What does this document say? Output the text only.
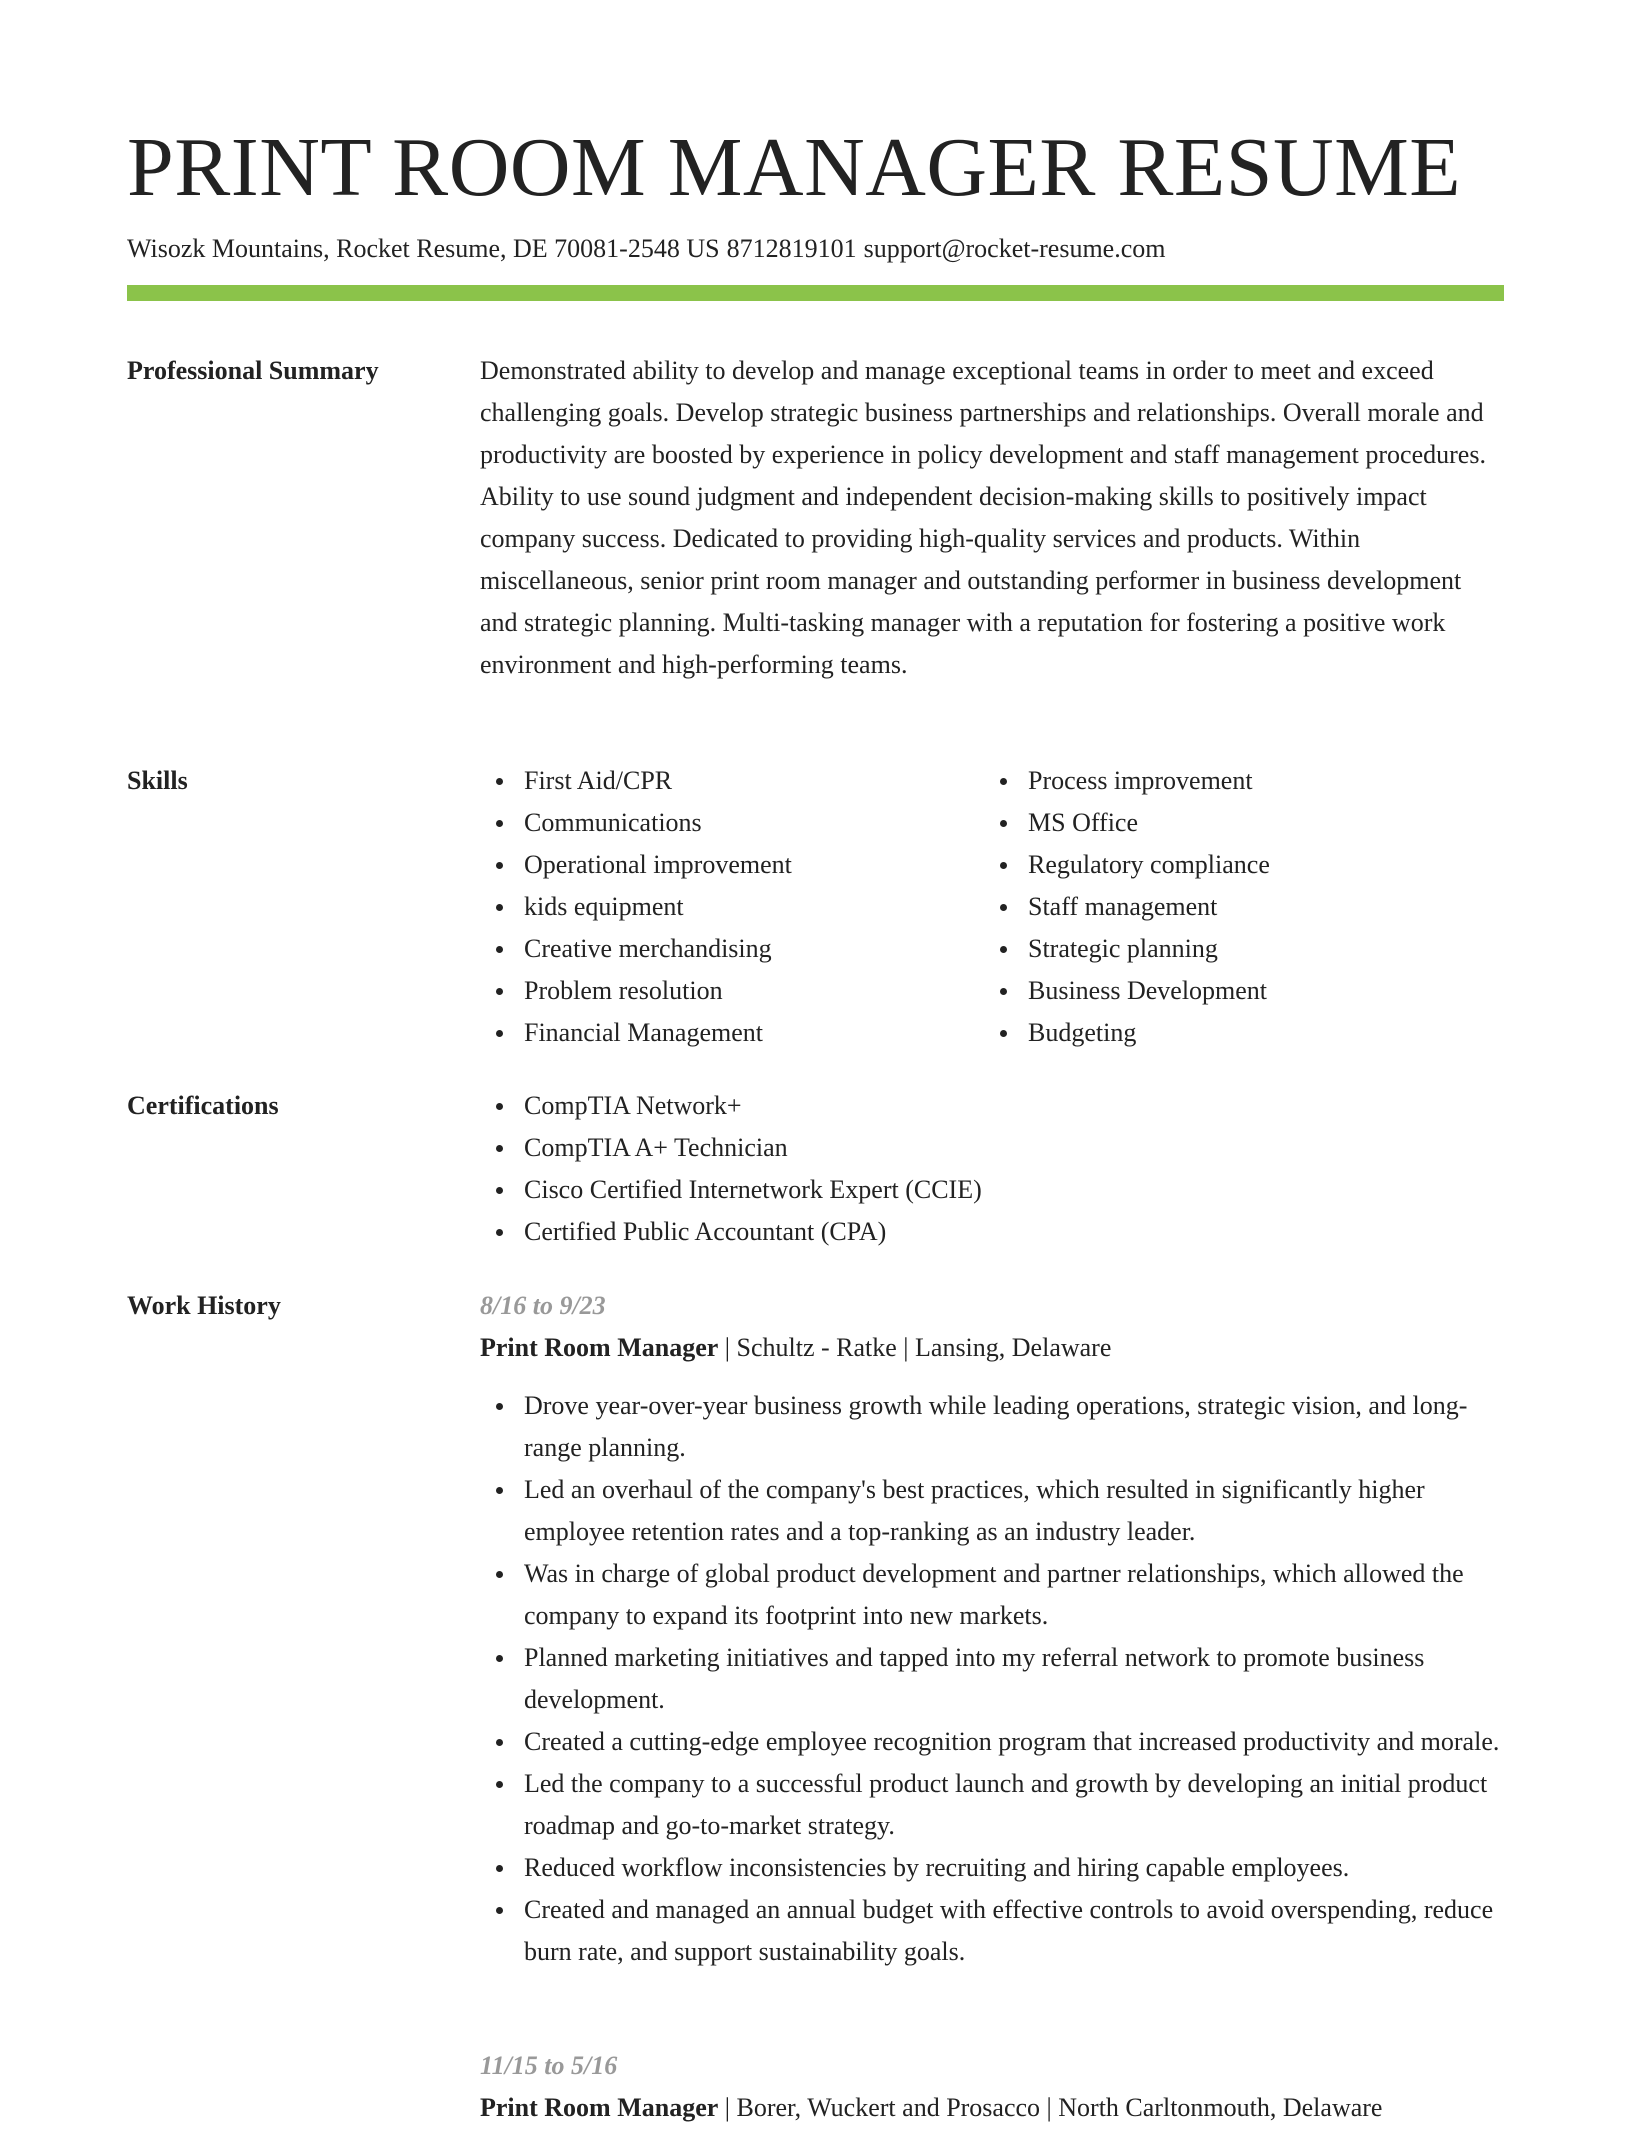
PRINT ROOM MANAGER RESUME
Wisozk Mountains, Rocket Resume, DE 70081-2548 US 8712819101 support@rocket-resume.com
Professional Summary	Demonstrated ability to develop and manage exceptional teams in order to meet and exceed challenging goals. Develop strategic business partnerships and relationships. Overall morale and productivity are boosted by experience in policy development and staff management procedures. Ability to use sound judgment and independent decision-making skills to positively impact company success. Dedicated to providing high-quality services and products. Within miscellaneous, senior print room manager and outstanding performer in business development and strategic planning. Multi-tasking manager with a reputation for fostering a positive work environment and high-performing teams.

Skills	First Aid/CPR
Communications
Operational improvement
kids equipment
Creative merchandising
Problem resolution
Financial Management
Process improvement
MS Office
Regulatory compliance
Staff management
Strategic planning
Business Development
Budgeting
Certifications	CompTIA Network+
CompTIA A+ Technician
Cisco Certified Internetwork Expert (CCIE)
Certified Public Accountant (CPA)
Work History	8/16 to 9/23
Print Room Manager | Schultz - Ratke | Lansing, Delaware
Drove year-over-year business growth while leading operations, strategic vision, and long-range planning.
Led an overhaul of the company's best practices, which resulted in significantly higher employee retention rates and a top-ranking as an industry leader.
Was in charge of global product development and partner relationships, which allowed the company to expand its footprint into new markets.
Planned marketing initiatives and tapped into my referral network to promote business development.
Created a cutting-edge employee recognition program that increased productivity and morale.
Led the company to a successful product launch and growth by developing an initial product roadmap and go-to-market strategy.
Reduced workflow inconsistencies by recruiting and hiring capable employees.
Created and managed an annual budget with effective controls to avoid overspending, reduce burn rate, and support sustainability goals.
11/15 to 5/16
Print Room Manager | Borer, Wuckert and Prosacco | North Carltonmouth, Delaware
